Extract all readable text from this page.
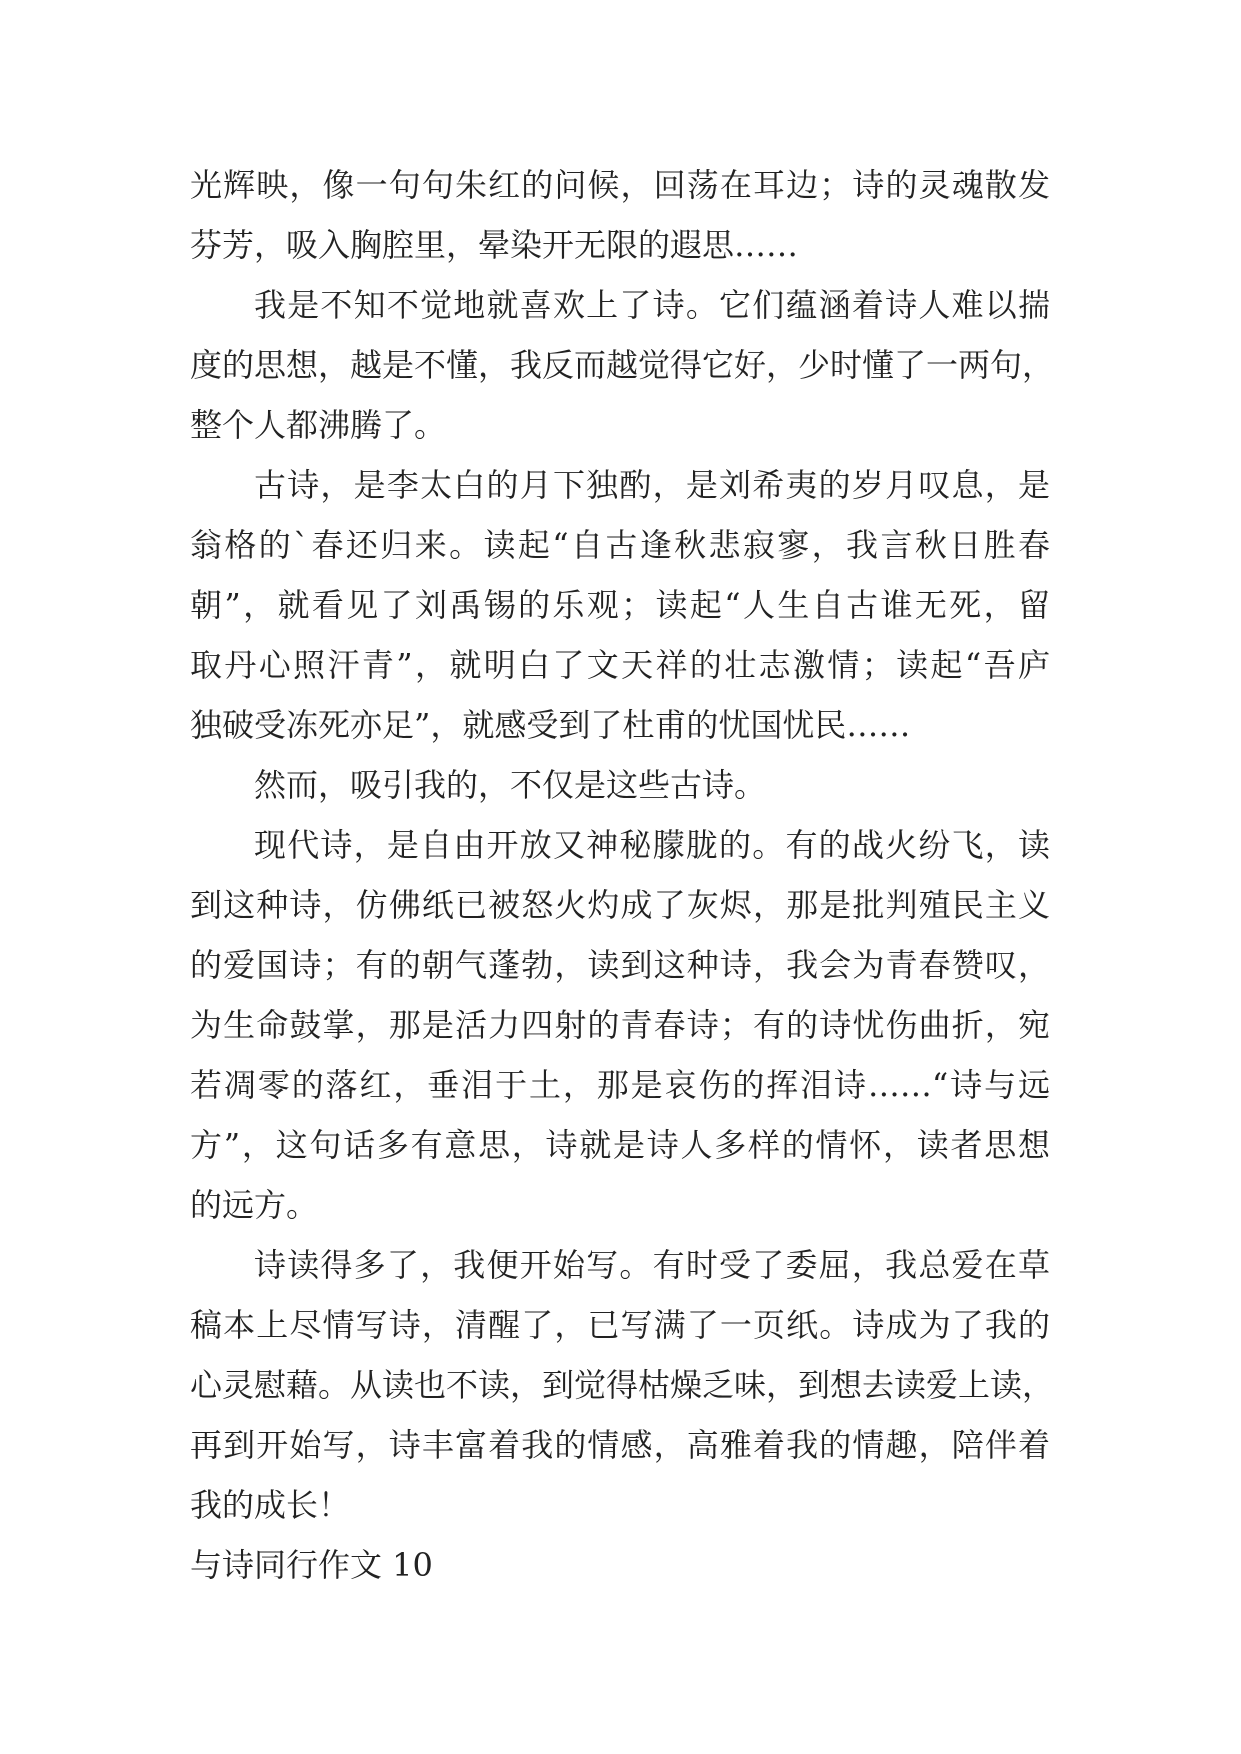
光辉映，像一句句朱红的问候，回荡在耳边；诗的灵魂散发
芬芳，吸入胸腔里，晕染开无限的遐思……
我是不知不觉地就喜欢上了诗。它们蕴涵着诗人难以揣
度的思想，越是不懂，我反而越觉得它好，少时懂了一两句，
整个人都沸腾了。
古诗，是李太白的月下独酌，是刘希夷的岁月叹息，是
翁格的`春还归来。读起“自古逢秋悲寂寥，我言秋日胜春
朝”，就看见了刘禹锡的乐观；读起“人生自古谁无死，留
取丹心照汗青”，就明白了文天祥的壮志激情；读起“吾庐
独破受冻死亦足”，就感受到了杜甫的忧国忧民……
然而，吸引我的，不仅是这些古诗。
现代诗，是自由开放又神秘朦胧的。有的战火纷飞，读
到这种诗，仿佛纸已被怒火灼成了灰烬，那是批判殖民主义
的爱国诗；有的朝气蓬勃，读到这种诗，我会为青春赞叹，
为生命鼓掌，那是活力四射的青春诗；有的诗忧伤曲折，宛
若凋零的落红，垂泪于土，那是哀伤的挥泪诗……“诗与远
方”，这句话多有意思，诗就是诗人多样的情怀，读者思想
的远方。
诗读得多了，我便开始写。有时受了委屈，我总爱在草
稿本上尽情写诗，清醒了，已写满了一页纸。诗成为了我的
心灵慰藉。从读也不读，到觉得枯燥乏味，到想去读爱上读，
再到开始写，诗丰富着我的情感，高雅着我的情趣，陪伴着
我的成长！
与诗同行作文 10
